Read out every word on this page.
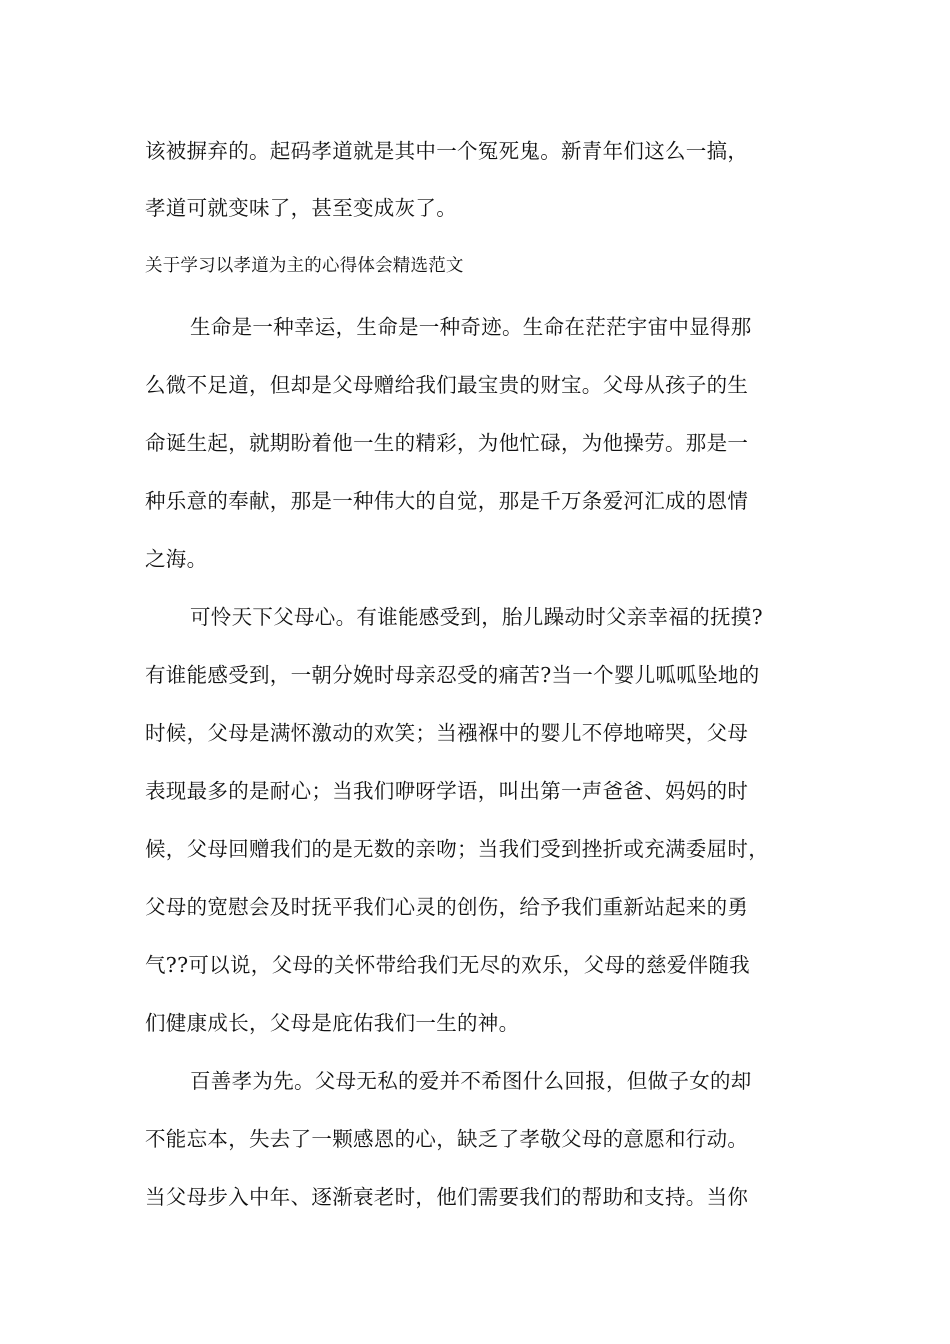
该被摒弃的。起码孝道就是其中一个冤死鬼。新青年们这么一搞，
孝道可就变味了，甚至变成灰了。
关于学习以孝道为主的心得体会精选范文
生命是一种幸运，生命是一种奇迹。生命在茫茫宇宙中显得那
么微不足道，但却是父母赠给我们最宝贵的财宝。父母从孩子的生
命诞生起，就期盼着他一生的精彩，为他忙碌，为他操劳。那是一
种乐意的奉献，那是一种伟大的自觉，那是千万条爱河汇成的恩情
之海。
可怜天下父母心。有谁能感受到，胎儿躁动时父亲幸福的抚摸?
有谁能感受到，一朝分娩时母亲忍受的痛苦?当一个婴儿呱呱坠地的
时候，父母是满怀激动的欢笑；当襁褓中的婴儿不停地啼哭，父母
表现最多的是耐心；当我们咿呀学语，叫出第一声爸爸、妈妈的时
候，父母回赠我们的是无数的亲吻；当我们受到挫折或充满委屈时，
父母的宽慰会及时抚平我们心灵的创伤，给予我们重新站起来的勇
气??可以说，父母的关怀带给我们无尽的欢乐，父母的慈爱伴随我
们健康成长，父母是庇佑我们一生的神。
百善孝为先。父母无私的爱并不希图什么回报，但做子女的却
不能忘本，失去了一颗感恩的心，缺乏了孝敬父母的意愿和行动。
当父母步入中年、逐渐衰老时，他们需要我们的帮助和支持。当你
